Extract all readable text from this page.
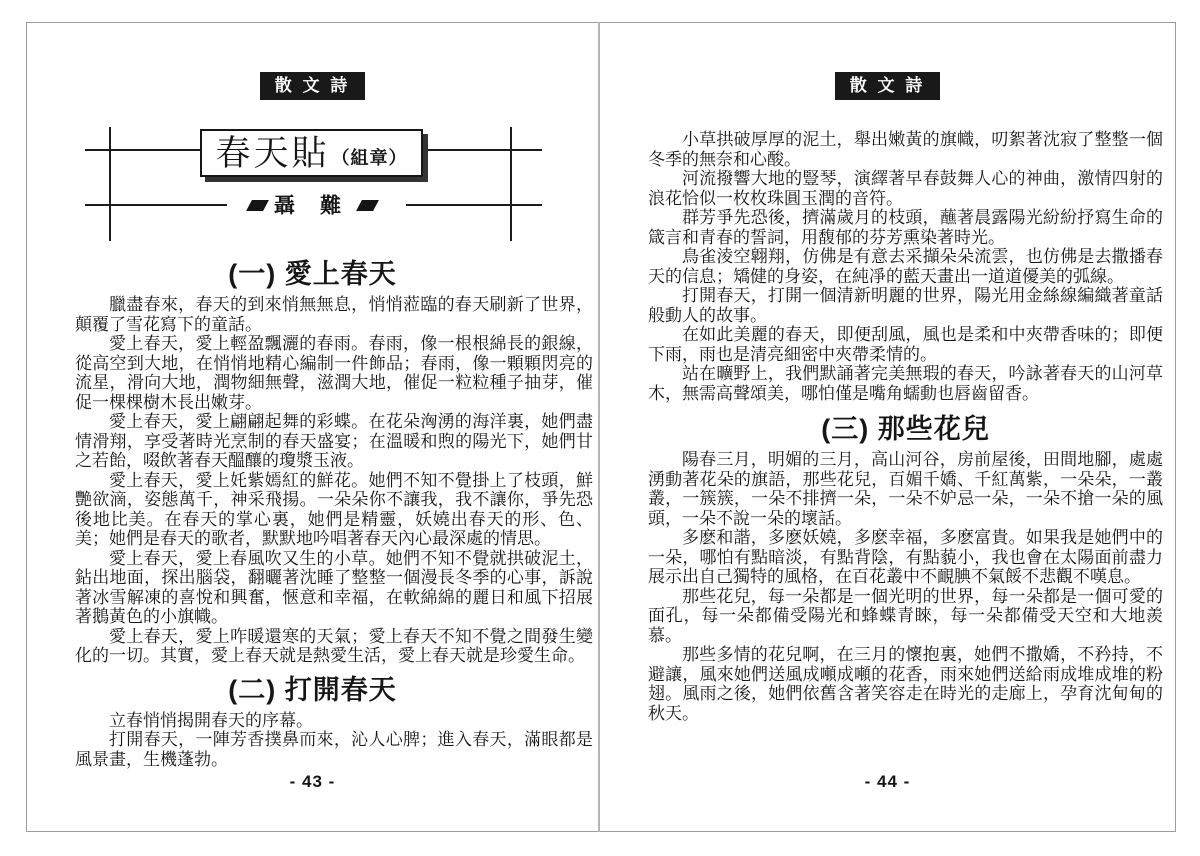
散 文 詩
春天貼 （組章）
聶 難
(一) 愛上春天

臘盡春來，春天的到來悄無無息，悄悄蒞臨的春天刷新了世界，顛覆了雪花寫下的童話。

愛上春天，愛上輕盈飄灑的春雨。春雨，像一根根綿長的銀線，從高空到大地，在悄悄地精心編制一件飾品；春雨，像一顆顆閃亮的流星，滑向大地，潤物細無聲，滋潤大地，催促一粒粒種子抽芽，催促一棵棵樹木長出嫩芽。

愛上春天，愛上翩翩起舞的彩蝶。在花朵洶湧的海洋裏，她們盡情滑翔，享受著時光烹制的春天盛宴；在溫暖和煦的陽光下，她們甘之若飴，啜飲著春天醞釀的瓊漿玉液。

愛上春天，愛上奼紫嫣紅的鮮花。她們不知不覺掛上了枝頭，鮮艷欲滴，姿態萬千，神采飛揚。一朵朵你不讓我，我不讓你，爭先恐後地比美。在春天的掌心裏，她們是精靈，妖嬈出春天的形、色、美；她們是春天的歌者，默默地吟唱著春天內心最深處的情思。

愛上春天，愛上春風吹又生的小草。她們不知不覺就拱破泥土，鉆出地面，探出腦袋，翻曬著沈睡了整整一個漫長冬季的心事，訴說著冰雪解凍的喜悅和興奮，愜意和幸福，在軟綿綿的麗日和風下招展著鵝黃色的小旗幟。

愛上春天，愛上咋暖還寒的天氣；愛上春天不知不覺之間發生變化的一切。其實，愛上春天就是熱愛生活，愛上春天就是珍愛生命。

(二) 打開春天

立春悄悄揭開春天的序幕。

打開春天，一陣芳香撲鼻而來，沁人心脾；進入春天，滿眼都是風景畫，生機蓬勃。

- 43 -
散 文 詩

小草拱破厚厚的泥土，舉出嫩黃的旗幟，叨絮著沈寂了整整一個冬季的無奈和心酸。

河流撥響大地的豎琴，演繹著早春鼓舞人心的神曲，激情四射的浪花恰似一枚枚珠圓玉潤的音符。

群芳爭先恐後，擠滿歲月的枝頭，蘸著晨露陽光紛紛抒寫生命的箴言和青春的誓詞，用馥郁的芬芳熏染著時光。

鳥雀淩空翺翔，仿佛是有意去采擷朵朵流雲，也仿佛是去撒播春天的信息；矯健的身姿，在純凈的藍天畫出一道道優美的弧線。

打開春天，打開一個清新明麗的世界，陽光用金絲線編織著童話般動人的故事。

在如此美麗的春天，即便刮風，風也是柔和中夾帶香味的；即便下雨，雨也是清亮細密中夾帶柔情的。

站在曠野上，我們默誦著完美無瑕的春天，吟詠著春天的山河草木，無需高聲頌美，哪怕僅是嘴角蠕動也唇齒留香。

(三) 那些花兒

陽春三月，明媚的三月，高山河谷，房前屋後，田間地腳，處處湧動著花朵的旗語，那些花兒，百媚千嬌、千紅萬紫，一朵朵，一叢叢，一簇簇，一朵不排擠一朵，一朵不妒忌一朵，一朵不搶一朵的風頭，一朵不說一朵的壞話。

多麽和諧，多麽妖嬈，多麽幸福，多麽富貴。如果我是她們中的一朵，哪怕有點暗淡，有點背陰，有點藐小，我也會在太陽面前盡力展示出自己獨特的風格，在百花叢中不靦腆不氣餒不悲觀不嘆息。

那些花兒，每一朵都是一個光明的世界，每一朵都是一個可愛的面孔，每一朵都備受陽光和蜂蝶青睞，每一朵都備受天空和大地羨慕。

那些多情的花兒啊，在三月的懷抱裏，她們不撒嬌，不矜持，不避讓，風來她們送風成噸成噸的花香，雨來她們送給雨成堆成堆的粉翅。風雨之後，她們依舊含著笑容走在時光的走廊上，孕育沈甸甸的秋天。

- 44 -
